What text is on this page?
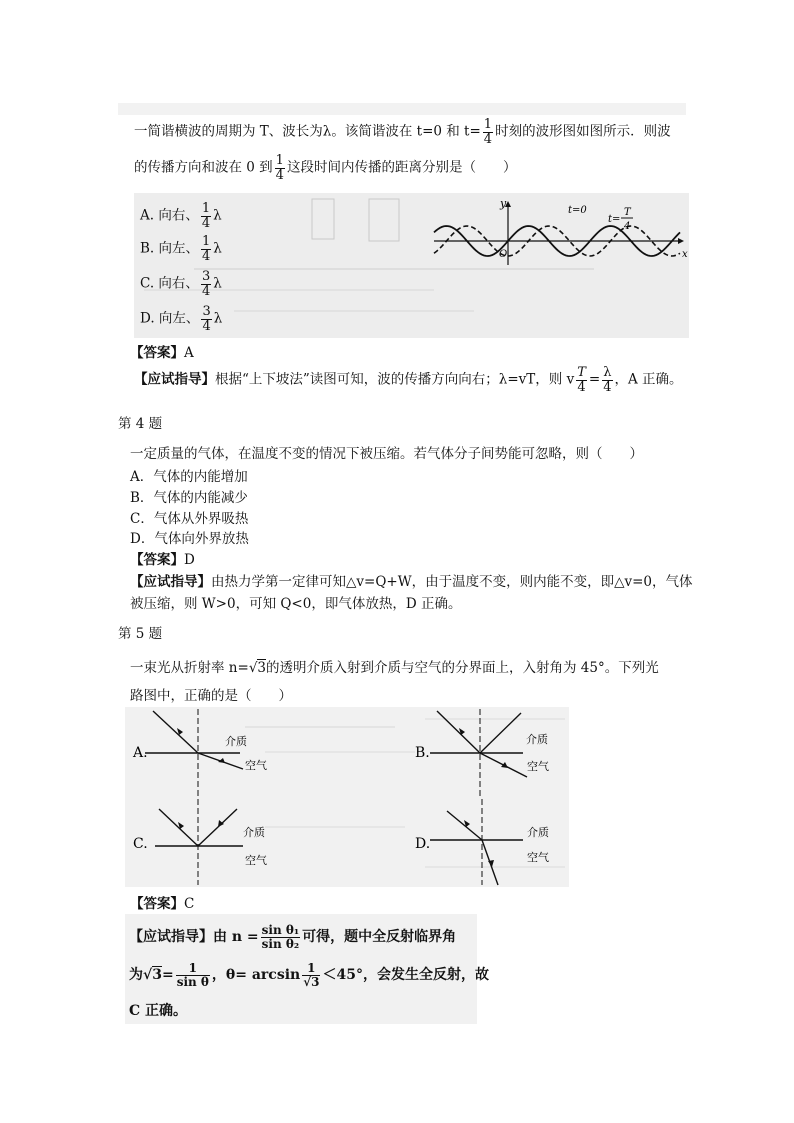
一简谐横波的周期为 T、波长为λ。该简谐波在 t=0 和 $t= \frac{1}{4}$ 时刻的波形图如图所示．则波
的传播方向和波在 0 到 $\frac{1}{4}$ 这段时间内传播的距离分别是（　　）
y
x
O
t=0
t=
T
4
A. 向右、 $\frac{1}{4}$ λ
B. 向左、 $\frac{1}{4}$ λ
C. 向右、 $\frac{3}{4}$ λ
D. 向左、 $\frac{3}{4}$ λ
【答案】A
【应试指导】根据“上下坡法”读图可知，波的传播方向向右；λ=vT，则 v $\frac{T}{4} = \frac{\lambda}{4}$ ，A 正确。
第 4 题
一定质量的气体，在温度不变的情况下被压缩。若气体分子间势能可忽略，则（　　）
A．气体的内能增加
B．气体的内能减少
C．气体从外界吸热
D．气体向外界放热
【答案】D
【应试指导】由热力学第一定律可知△v=Q+W，由于温度不变，则内能不变，即△v=0，气体
被压缩，则 W>0，可知 Q<0，即气体放热，D 正确。
第 5 题
一束光从折射率 n=√3的透明介质入射到介质与空气的分界面上，入射角为 45°。下列光
路图中，正确的是（　　）
A.
介质
空气
B.
介质
空气
C.
介质
空气
D.
介质
空气
【答案】C
【应试指导】由 $n = \frac{\text{sin θ₁}}{\text{sin θ₂}}$ 可得，题中全反射临界角
为$√3= \frac{1}{\text{sin θ}}$ ，$\theta= \arcsin \frac{1}{√3} <45^\circ$，会发生全反射，故
C 正确。
